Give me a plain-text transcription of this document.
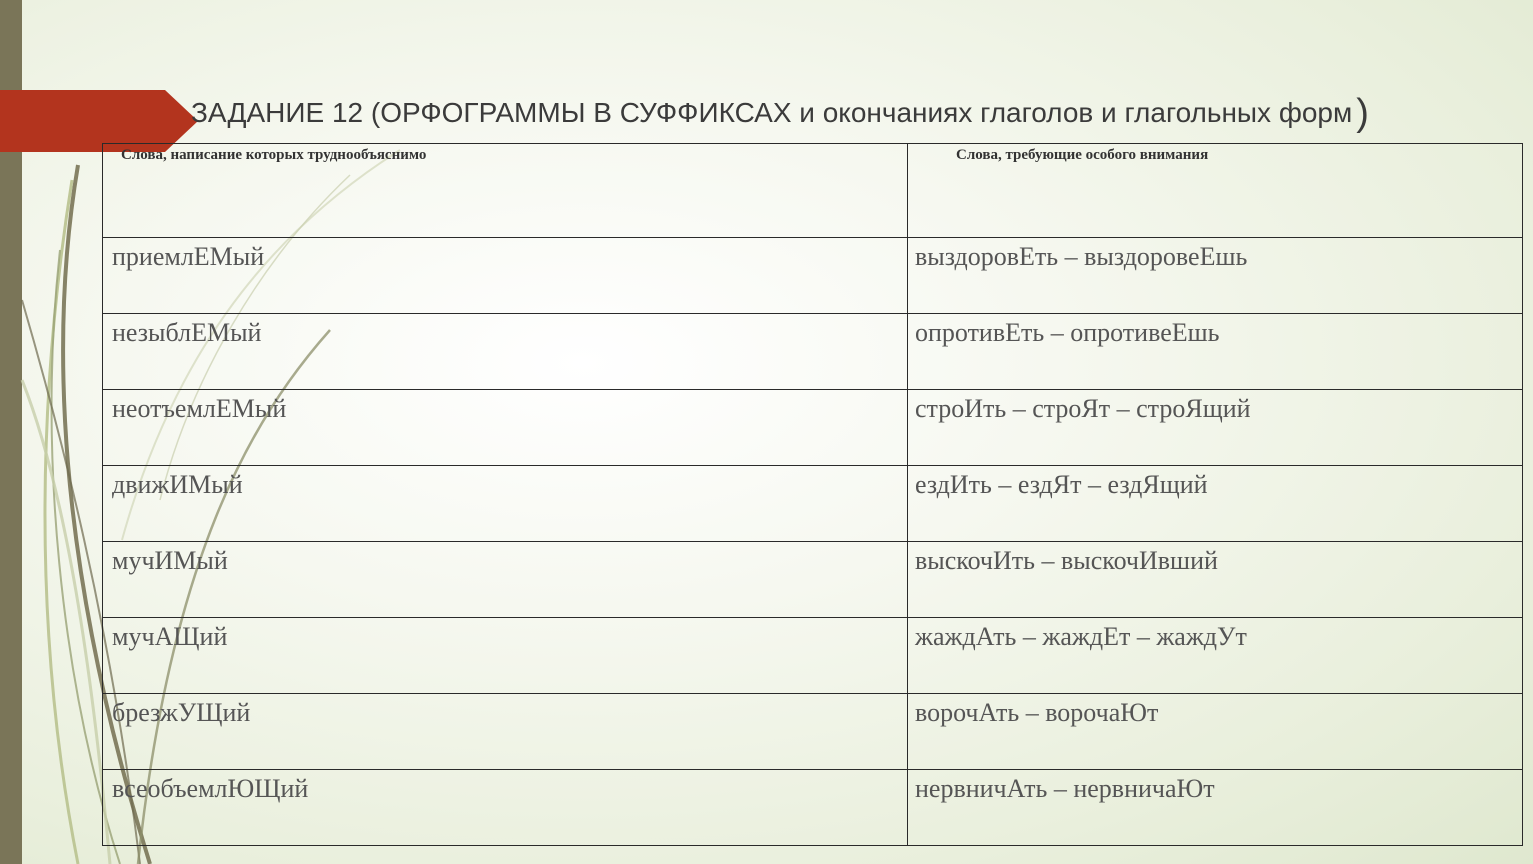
ЗАДАНИЕ 12 (ОРФОГРАММЫ В СУФФИКСАХ и окончаниях глаголов и глагольных форм )
Слова, написание которых труднообъяснимо	Слова, требующие особого внимания

приемлЕМый	выздоровЕть – выздоровеЕшь

незыблЕМый	опротивЕть – опротивеЕшь

неотъемлЕМый	строИть – строЯт – строЯщий

движИМый	ездИть – ездЯт – ездЯщий

мучИМый	выскочИть – выскочИвший

мучАЩий	жаждАть – жаждЕт – жаждУт

брезжУЩий	ворочАть – ворочаЮт

всеобъемлЮЩий	нервничАть – нервничаЮт
